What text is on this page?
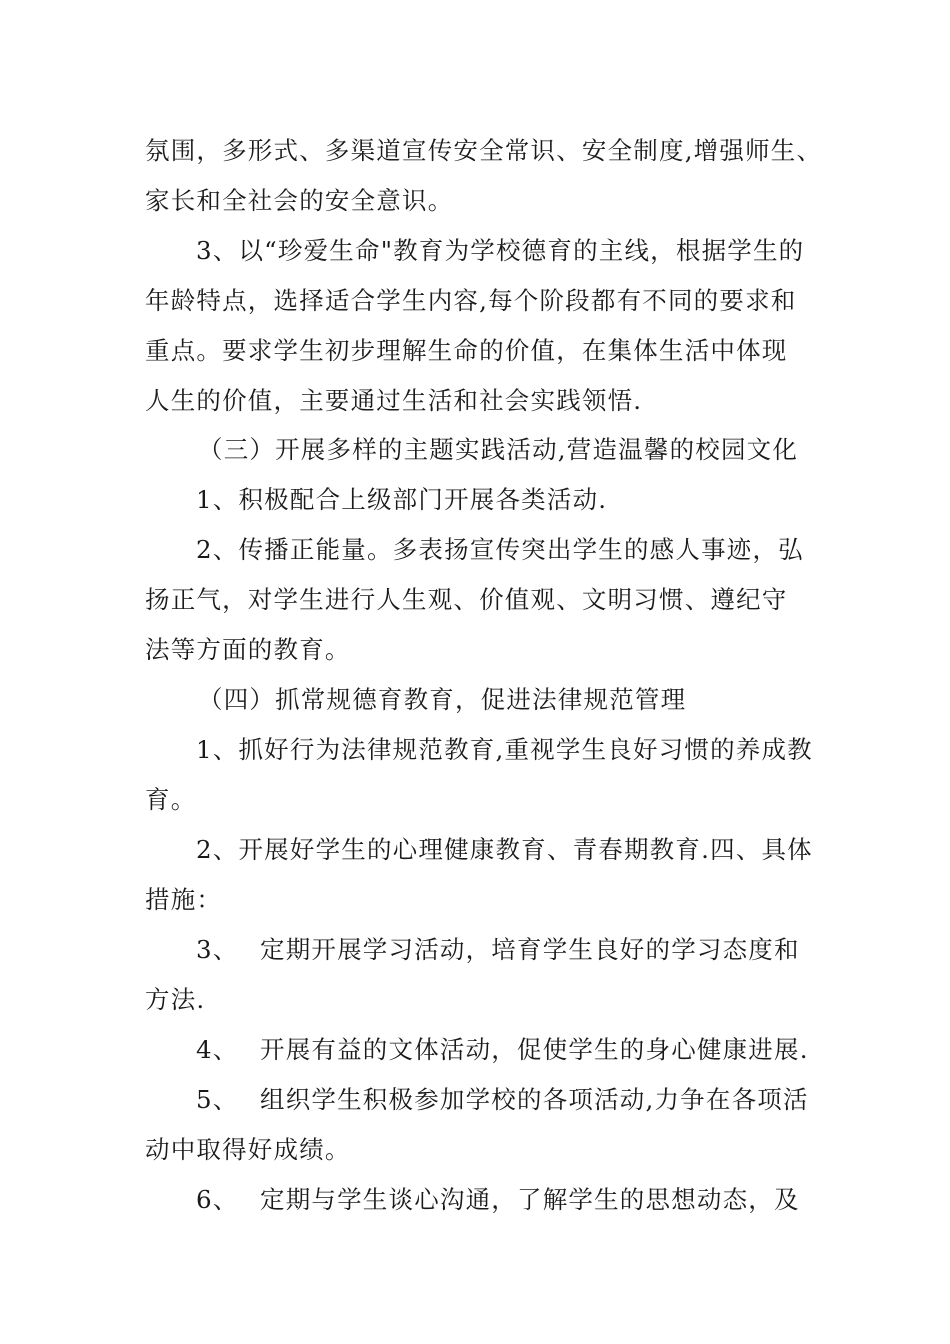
氛围，多形式、多渠道宣传安全常识、安全制度,增强师生、

家长和全社会的安全意识。

3、以“珍爱生命"教育为学校德育的主线，根据学生的

年龄特点，选择适合学生内容,每个阶段都有不同的要求和

重点。要求学生初步理解生命的价值，在集体生活中体现

人生的价值，主要通过生活和社会实践领悟.

（三）开展多样的主题实践活动,营造温馨的校园文化

1、积极配合上级部门开展各类活动.

2、传播正能量。多表扬宣传突出学生的感人事迹，弘

扬正气，对学生进行人生观、价值观、文明习惯、遵纪守

法等方面的教育。

（四）抓常规德育教育，促进法律规范管理

1、抓好行为法律规范教育,重视学生良好习惯的养成教

育。

2、开展好学生的心理健康教育、青春期教育.四、具体

措施：

3、 定期开展学习活动，培育学生良好的学习态度和

方法.

4、 开展有益的文体活动，促使学生的身心健康进展.

5、 组织学生积极参加学校的各项活动,力争在各项活

动中取得好成绩。

6、 定期与学生谈心沟通，了解学生的思想动态，及
